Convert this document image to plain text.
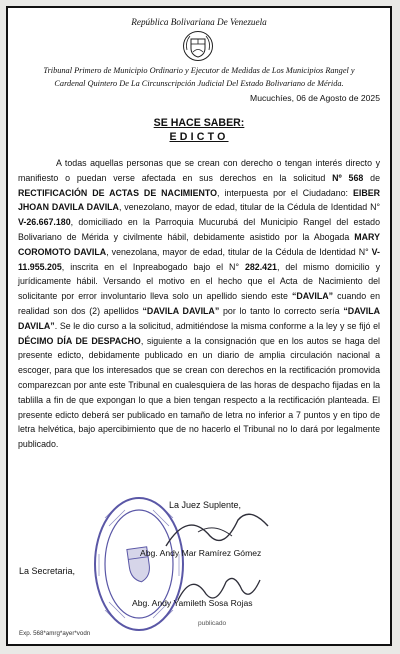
República Bolivariana De Venezuela
Tribunal Primero de Municipio Ordinario y Ejecutor de Medidas de Los Municipios Rangel y
Cardenal Quintero De La Circunscripción Judicial Del Estado Bolivariano de Mérida.
Mucuchíes, 06 de Agosto de 2025
SE HACE SABER:
EDICTO
A todas aquellas personas que se crean con derecho o tengan interés directo y manifiesto o puedan verse afectada en sus derechos en la solicitud Nº 568 de RECTIFICACIÓN DE ACTAS DE NACIMIENTO, interpuesta por el Ciudadano: EIBER JHOAN DAVILA DAVILA, venezolano, mayor de edad, titular de la Cédula de Identidad N° V-26.667.180, domiciliado en la Parroquia Mucurubá del Municipio Rangel del estado Bolivariano de Mérida y civilmente hábil, debidamente asistido por la Abogada MARY COROMOTO DAVILA, venezolana, mayor de edad, titular de la Cédula de Identidad N° V-11.955.205, inscrita en el Inpreabogado bajo el N° 282.421, del mismo domicilio y jurídicamente hábil. Versando el motivo en el hecho que el Acta de Nacimiento del solicitante por error involuntario lleva solo un apellido siendo este “DAVILA” cuando en realidad son dos (2) apellidos “DAVILA DAVILA” por lo tanto lo correcto sería “DAVILA DAVILA”. Se le dio curso a la solicitud, admitiéndose la misma conforme a la ley y se fijó el DÉCIMO DÍA DE DESPACHO, siguiente a la consignación que en los autos se haga del presente edicto, debidamente publicado en un diario de amplia circulación nacional a escoger, para que los interesados que se crean con derechos en la rectificación promovida comparezcan por ante este Tribunal en cualesquiera de las horas de despacho fijadas en la tablilla a fin de que expongan lo que a bien tengan respecto a la rectificación planteada. El presente edicto deberá ser publicado en tamaño de letra no inferior a 7 puntos y en tipo de letra helvética, bajo apercibimiento que de no hacerlo el Tribunal no lo dará por legalmente publicado.
La Juez Suplente,
Abg. Andy Mar Ramírez Gómez
La Secretaria,
Abg. Andy Yamileth Sosa Rojas
publicado
Exp. 568*amrg*ayer*vodn
